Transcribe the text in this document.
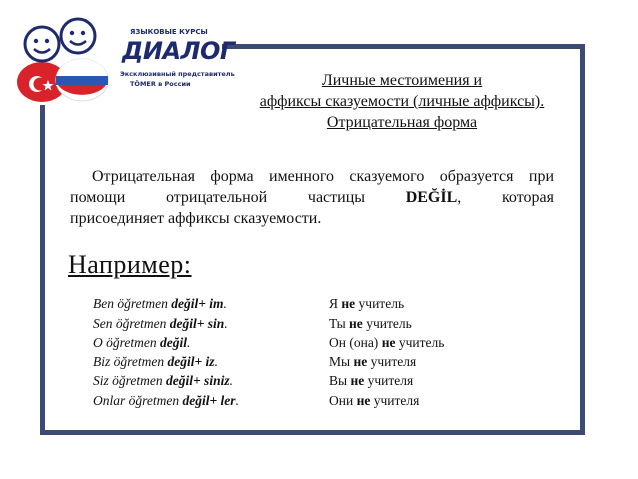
ЯЗЫКОВЫЕ КУРСЫ
ДИАЛОГ
Эксклюзивный представитель
TÖMER в России	Личные местоимения и
аффиксы сказуемости (личные аффиксы).
Отрицательная форма
Отрицательная форма именного сказуемого образуется при
помощи	отрицательной	частицы	DEĞİL,	которая
присоединяет аффиксы сказуемости.
Например:
Ben öğretmen değil+ im.	Я не учитель
Sen öğretmen değil+ sin.	Ты не учитель
O öğretmen değil.	Он (она) не учитель
Biz öğretmen değil+ iz.	Мы не учителя
Siz öğretmen değil+ siniz.	Вы не учителя
Onlar öğretmen değil+ ler.	Они не учителя
